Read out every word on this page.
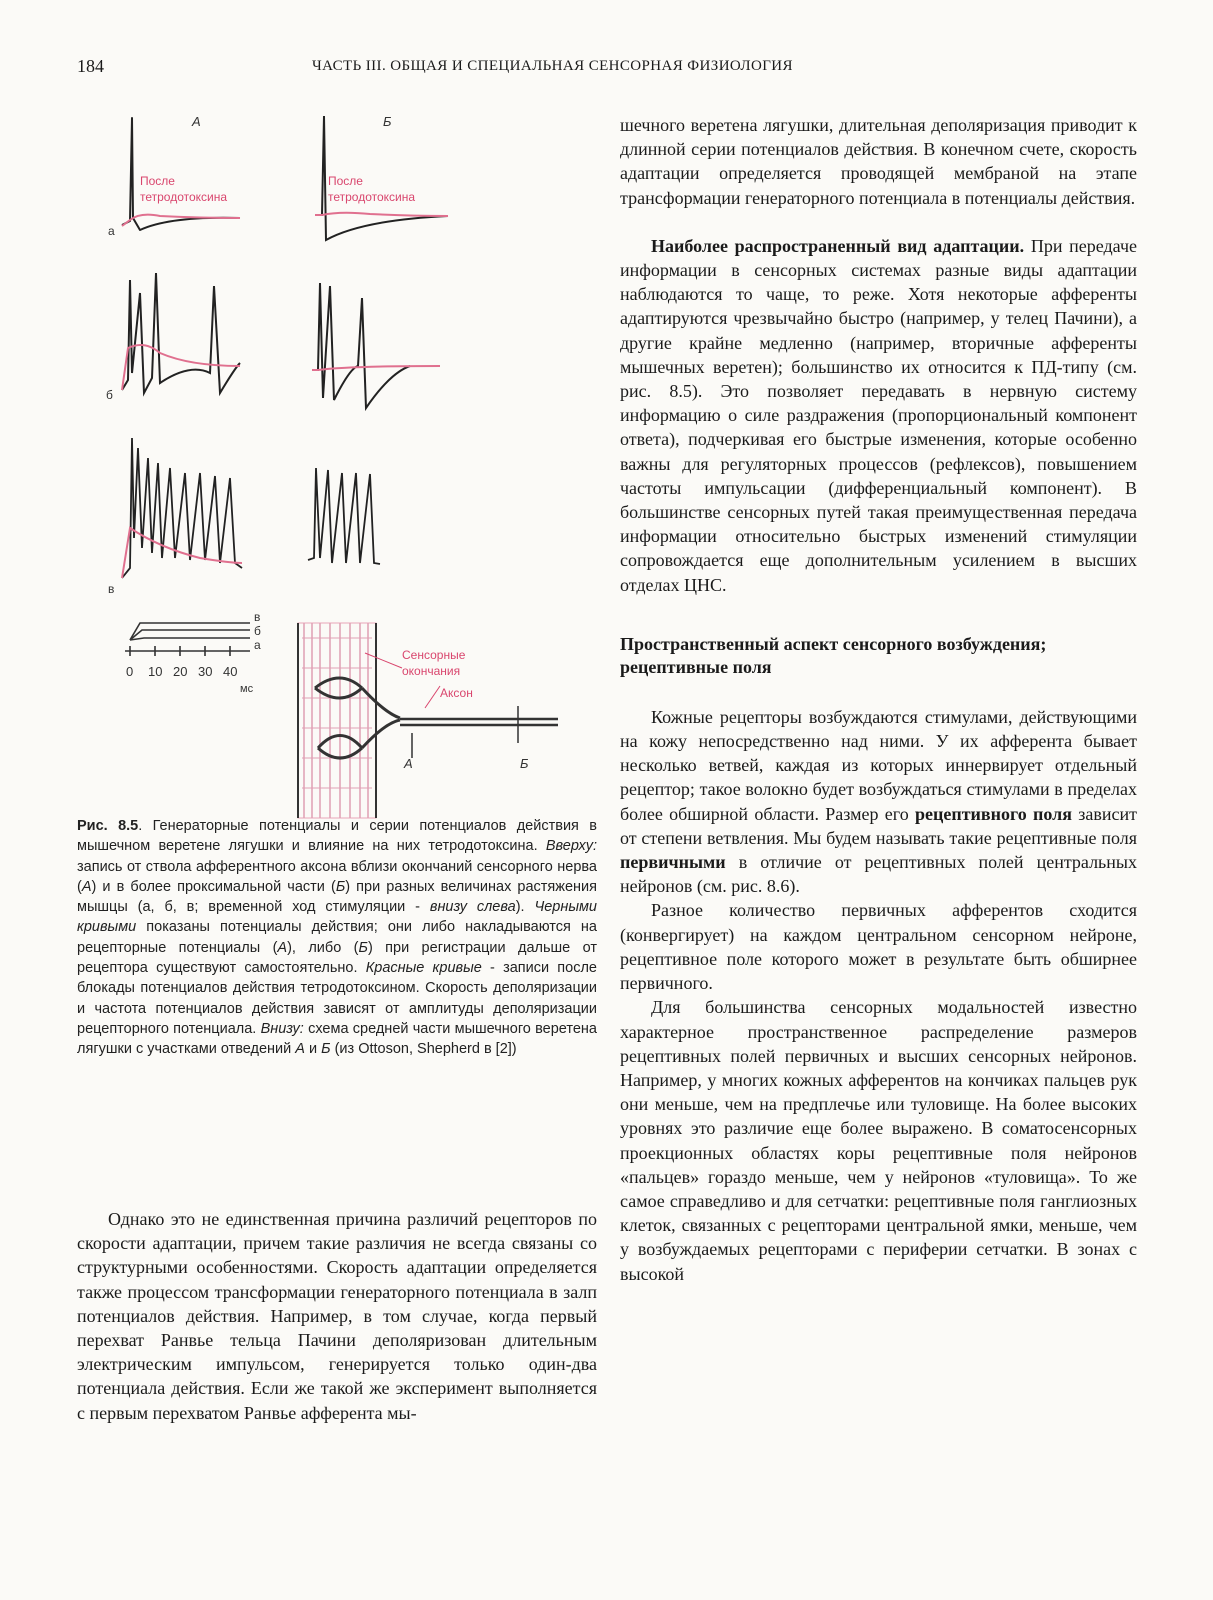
184	ЧАСТЬ III. ОБЩАЯ И СПЕЦИАЛЬНАЯ СЕНСОРНАЯ ФИЗИОЛОГИЯ
A	Б
После
тетродотоксина
После
тетродотоксина
а
б
в
в
б
а
0 10 20 30 40
мс
Сенсорные
окончания
Аксон
A	Б
Рис. 8.5. Генераторные потенциалы и серии потенциалов действия в мышечном веретене лягушки и влияние на них тетродотоксина. Вверху: запись от ствола афферентного аксона вблизи окончаний сенсорного нерва (А) и в более проксимальной части (Б) при разных величинах растяжения мышцы (а, б, в; временной ход стимуляции - внизу слева). Черными кривыми показаны потенциалы действия; они либо накладываются на рецепторные потенциалы (А), либо (Б) при регистрации дальше от рецептора существуют самостоятельно. Красные кривые - записи после блокады потенциалов действия тетродотоксином. Скорость деполяризации и частота потенциалов действия зависят от амплитуды деполяризации рецепторного потенциала. Внизу: схема средней части мышечного веретена лягушки с участками отведений А и Б (из Ottoson, Shepherd в [2])

Однако это не единственная причина различий рецепторов по скорости адаптации, причем такие различия не всегда связаны со структурными особенностями. Скорость адаптации определяется также процессом трансформации генераторного потенциала в залп потенциалов действия. Например, в том случае, когда первый перехват Ранвье тельца Пачини деполяризован длительным электрическим импульсом, генерируется только один-два потенциала действия. Если же такой же эксперимент выполняется с первым перехватом Ранвье афферента мы-

шечного веретена лягушки, длительная деполяризация приводит к длинной серии потенциалов действия. В конечном счете, скорость адаптации определяется проводящей мембраной на этапе трансформации генераторного потенциала в потенциалы действия.

Наиболее распространенный вид адаптации. При передаче информации в сенсорных системах разные виды адаптации наблюдаются то чаще, то реже. Хотя некоторые афференты адаптируются чрезвычайно быстро (например, у телец Пачини), а другие крайне медленно (например, вторичные афференты мышечных веретен); большинство их относится к ПД-типу (см. рис. 8.5). Это позволяет передавать в нервную систему информацию о силе раздражения (пропорциональный компонент ответа), подчеркивая его быстрые изменения, которые особенно важны для регуляторных процессов (рефлексов), повышением частоты импульсации (дифференциальный компонент). В большинстве сенсорных путей такая преимущественная передача информации относительно быстрых изменений стимуляции сопровождается еще дополнительным усилением в высших отделах ЦНС.

Пространственный аспект сенсорного возбуждения; рецептивные поля

Кожные рецепторы возбуждаются стимулами, действующими на кожу непосредственно над ними. У их афферента бывает несколько ветвей, каждая из которых иннервирует отдельный рецептор; такое волокно будет возбуждаться стимулами в пределах более обширной области. Размер его рецептивного поля зависит от степени ветвления. Мы будем называть такие рецептивные поля первичными в отличие от рецептивных полей центральных нейронов (см. рис. 8.6).

Разное количество первичных афферентов сходится (конвергирует) на каждом центральном сенсорном нейроне, рецептивное поле которого может в результате быть обширнее первичного.

Для большинства сенсорных модальностей известно характерное пространственное распределение размеров рецептивных полей первичных и высших сенсорных нейронов. Например, у многих кожных афферентов на кончиках пальцев рук они меньше, чем на предплечье или туловище. На более высоких уровнях это различие еще более выражено. В соматосенсорных проекционных областях коры рецептивные поля нейронов «пальцев» гораздо меньше, чем у нейронов «туловища». То же самое справедливо и для сетчатки: рецептивные поля ганглиозных клеток, связанных с рецепторами центральной ямки, меньше, чем у возбуждаемых рецепторами с периферии сетчатки. В зонах с высокой
